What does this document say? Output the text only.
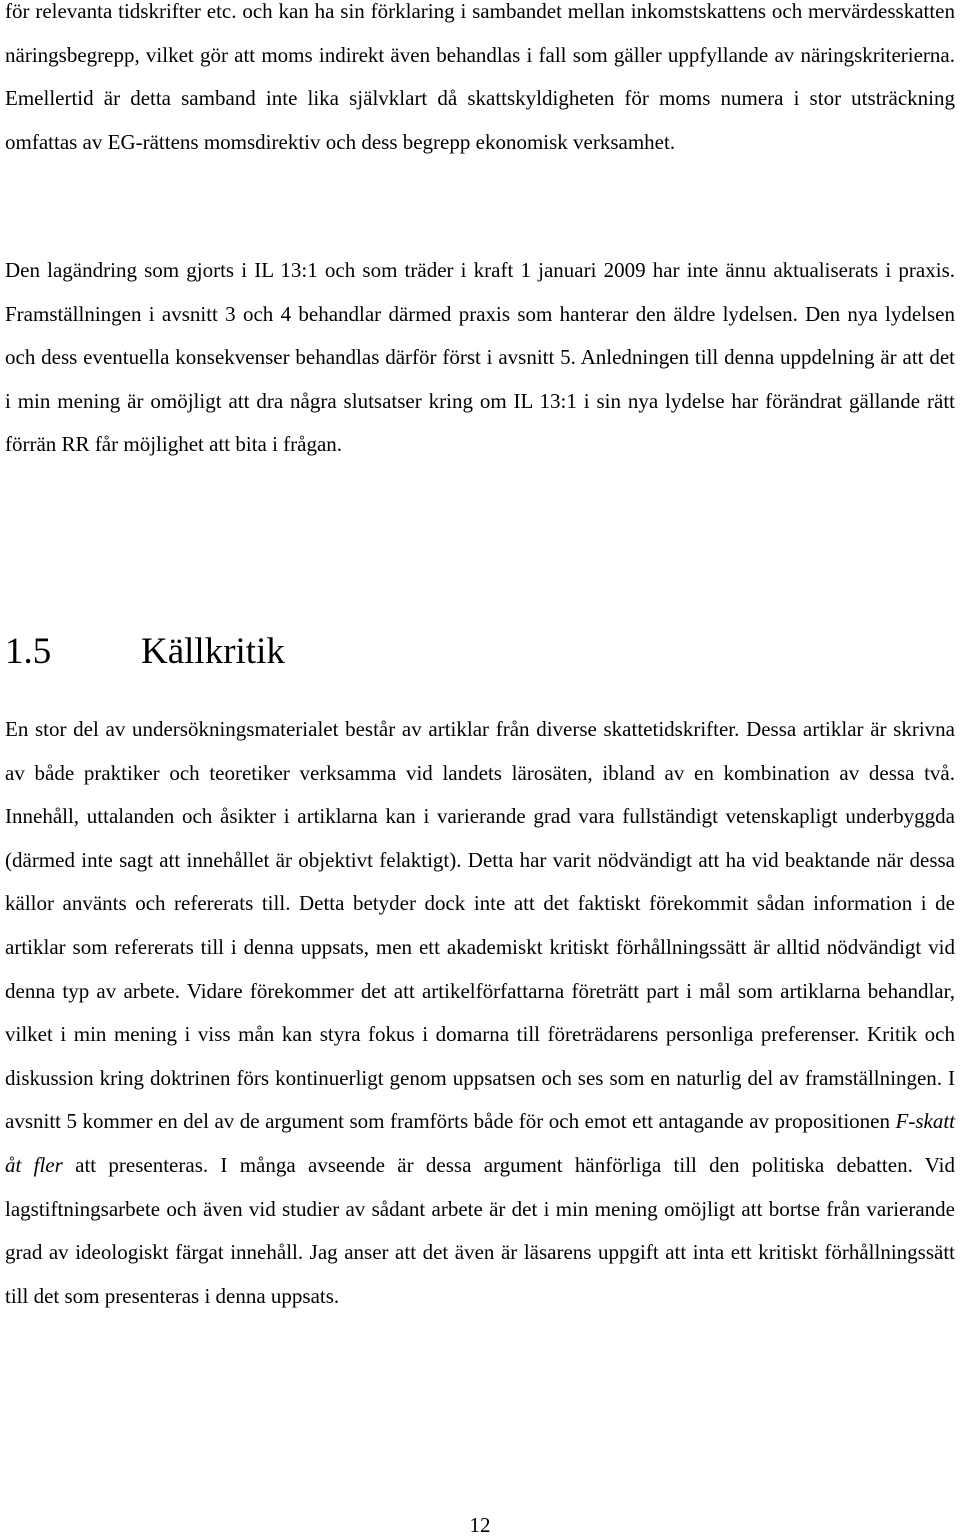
för relevanta tidskrifter etc. och kan ha sin förklaring i sambandet mellan inkomstskattens och mervärdesskatten näringsbegrepp, vilket gör att moms indirekt även behandlas i fall som gäller uppfyllande av näringskriterierna. Emellertid är detta samband inte lika självklart då skattskyldigheten för moms numera i stor utsträckning omfattas av EG-rättens momsdirektiv och dess begrepp ekonomisk verksamhet.

Den lagändring som gjorts i IL 13:1 och som träder i kraft 1 januari 2009 har inte ännu aktualiserats i praxis. Framställningen i avsnitt 3 och 4 behandlar därmed praxis som hanterar den äldre lydelsen. Den nya lydelsen och dess eventuella konsekvenser behandlas därför först i avsnitt 5. Anledningen till denna uppdelning är att det i min mening är omöjligt att dra några slutsatser kring om IL 13:1 i sin nya lydelse har förändrat gällande rätt förrän RR får möjlighet att bita i frågan.

1.5 Källkritik

En stor del av undersökningsmaterialet består av artiklar från diverse skattetidskrifter. Dessa artiklar är skrivna av både praktiker och teoretiker verksamma vid landets lärosäten, ibland av en kombination av dessa två. Innehåll, uttalanden och åsikter i artiklarna kan i varierande grad vara fullständigt vetenskapligt underbyggda (därmed inte sagt att innehållet är objektivt felaktigt). Detta har varit nödvändigt att ha vid beaktande när dessa källor använts och refererats till. Detta betyder dock inte att det faktiskt förekommit sådan information i de artiklar som refererats till i denna uppsats, men ett akademiskt kritiskt förhållningssätt är alltid nödvändigt vid denna typ av arbete. Vidare förekommer det att artikelförfattarna företrätt part i mål som artiklarna behandlar, vilket i min mening i viss mån kan styra fokus i domarna till företrädarens personliga preferenser. Kritik och diskussion kring doktrinen förs kontinuerligt genom uppsatsen och ses som en naturlig del av framställningen. I avsnitt 5 kommer en del av de argument som framförts både för och emot ett antagande av propositionen F-skatt åt fler att presenteras. I många avseende är dessa argument hänförliga till den politiska debatten. Vid lagstiftningsarbete och även vid studier av sådant arbete är det i min mening omöjligt att bortse från varierande grad av ideologiskt färgat innehåll. Jag anser att det även är läsarens uppgift att inta ett kritiskt förhållningssätt till det som presenteras i denna uppsats.

12
